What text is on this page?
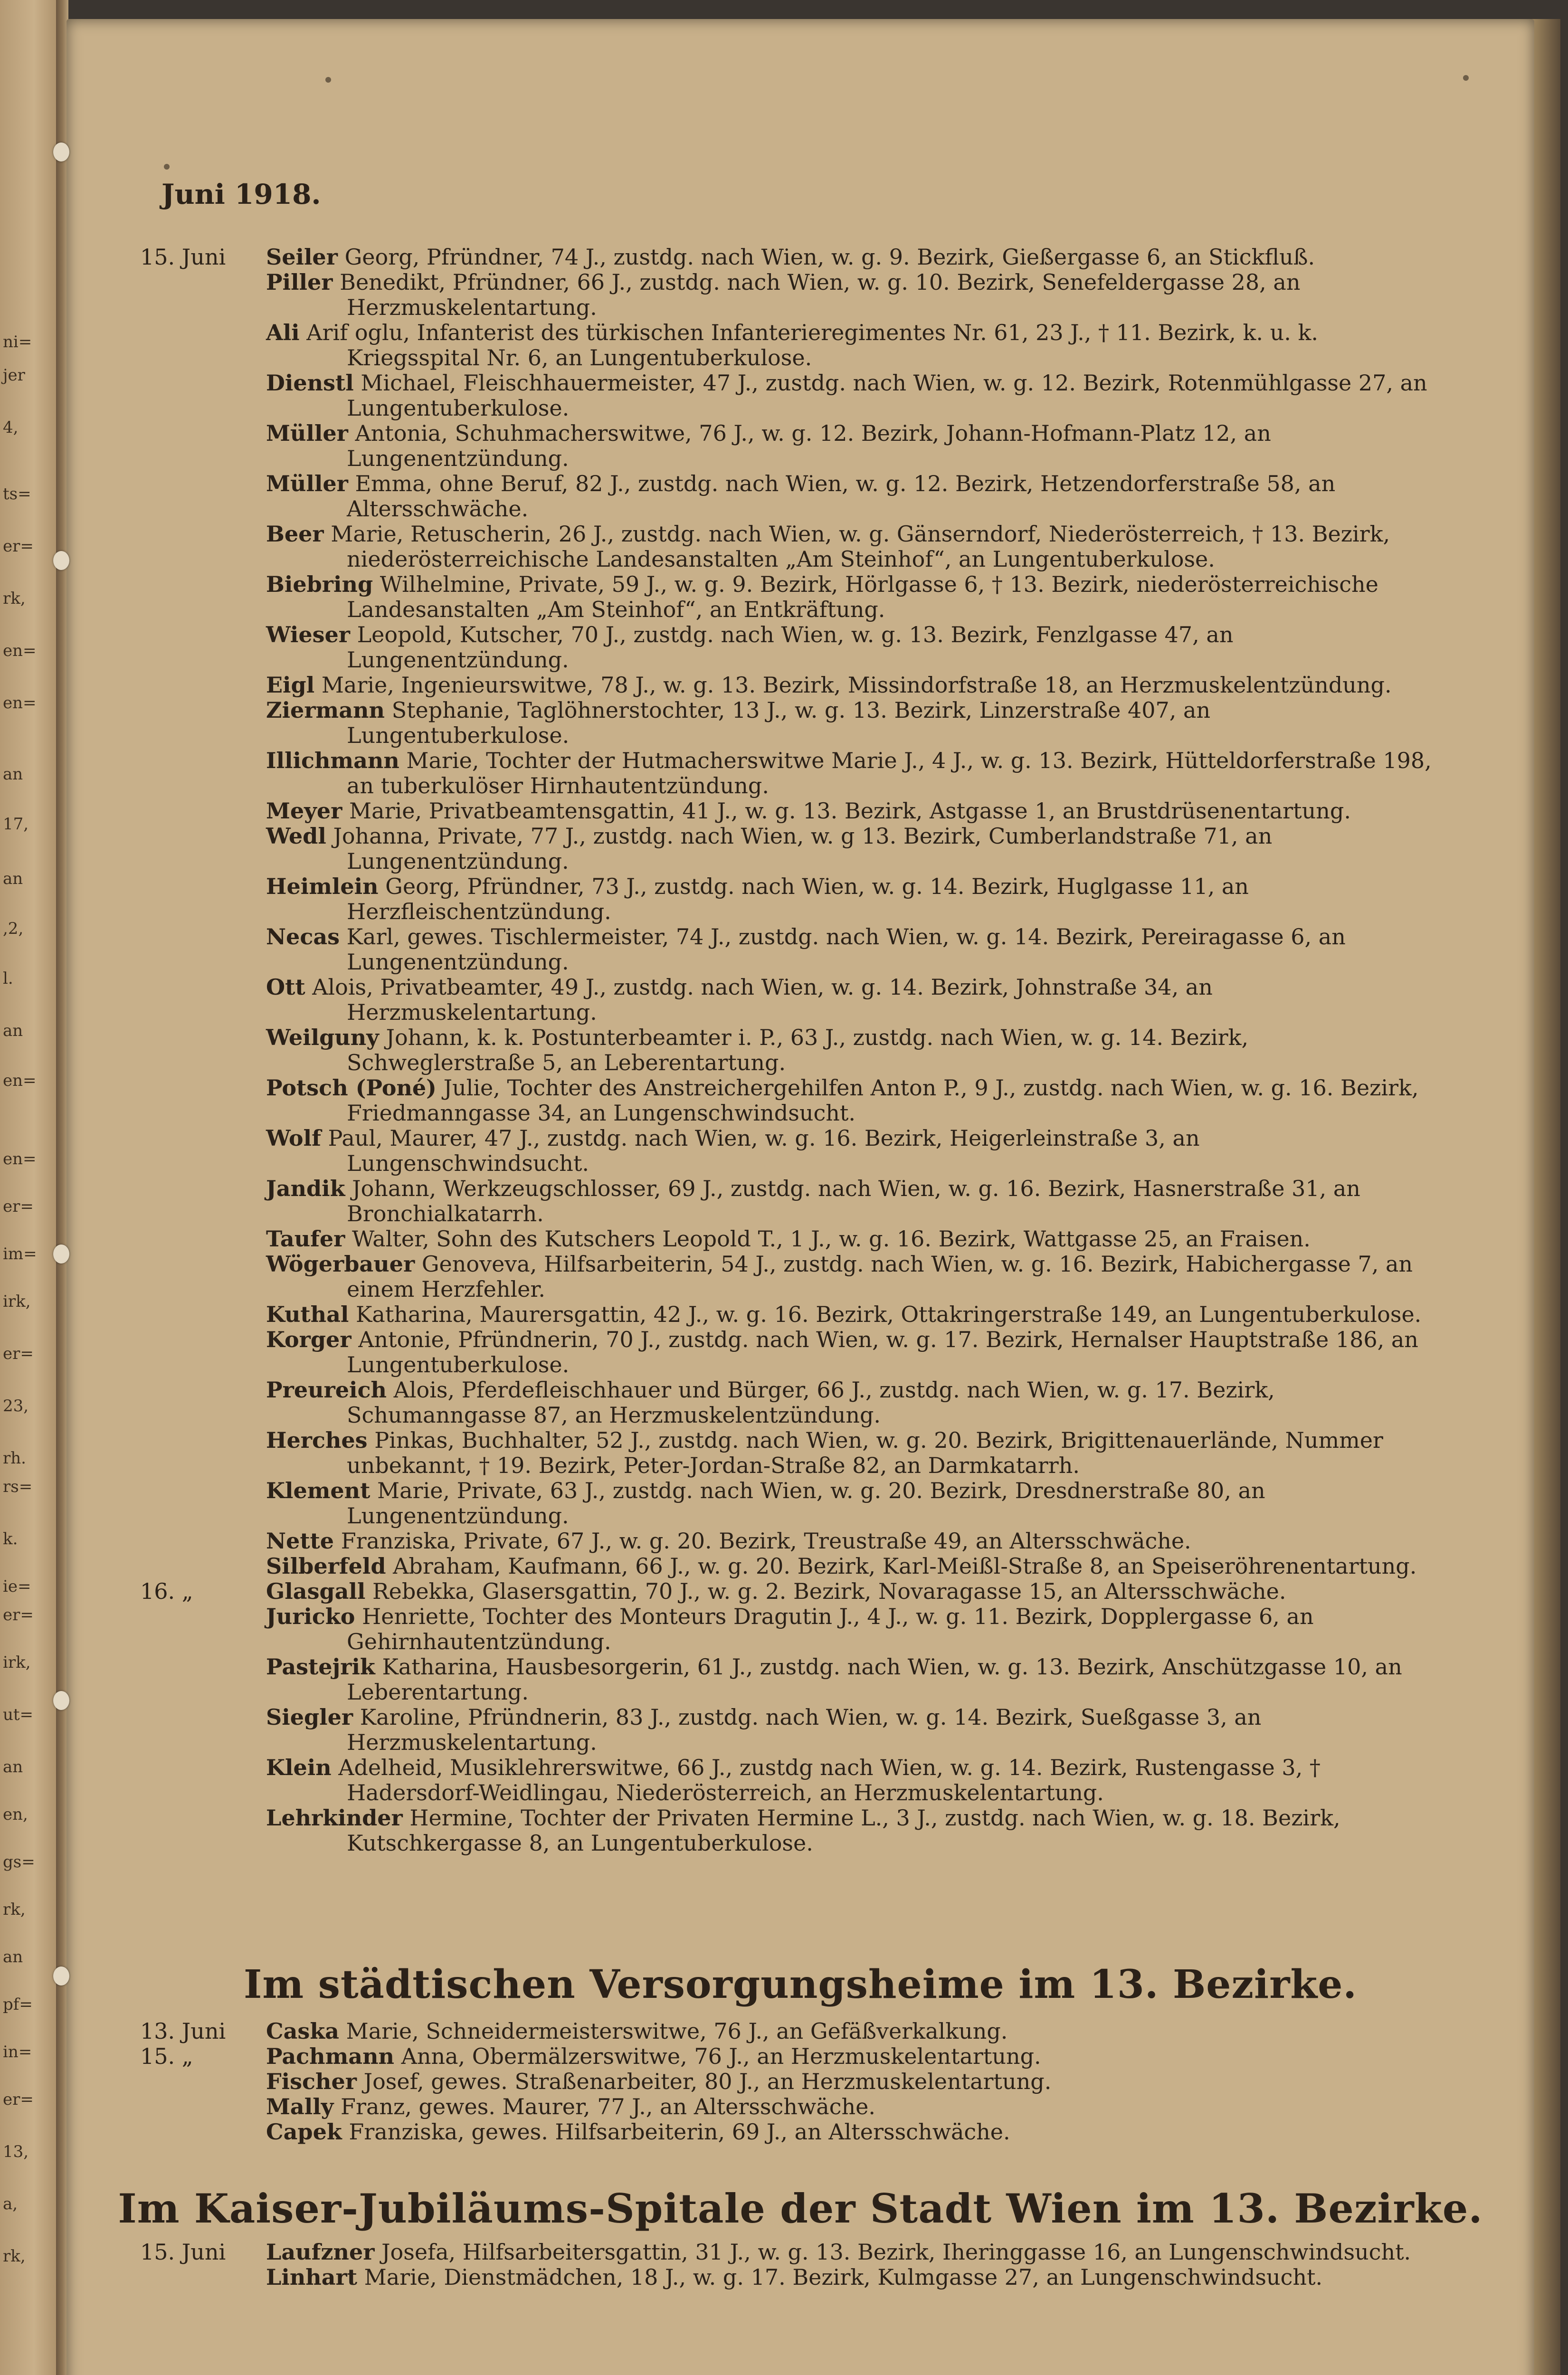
ni=
jer
4,
ts=
er=
rk,
en=
en=
an
17,
an
,2,
l.
an
en=
en=
er=
im=
irk,
er=
23,
rh.
rs=
k.
ie=
er=
irk,
ut=
an
en,
gs=
rk,
an
pf=
in=
er=
13,
a,
rk,
Juni 1918.
15. Juni	Seiler Georg, Pfründner, 74 J., zustdg. nach Wien, w. g. 9. Bezirk, Gießergasse 6, an Stickfluß.
Piller Benedikt, Pfründner, 66 J., zustdg. nach Wien, w. g. 10. Bezirk, Senefeldergasse 28, an Herzmuskelentartung.
Ali Arif oglu, Infanterist des türkischen Infanterieregimentes Nr. 61, 23 J., † 11. Bezirk, k. u. k. Kriegsspital Nr. 6, an Lungentuberkulose.
Dienstl Michael, Fleischhauermeister, 47 J., zustdg. nach Wien, w. g. 12. Bezirk, Rotenmühlgasse 27, an Lungentuberkulose.
Müller Antonia, Schuhmacherswitwe, 76 J., w. g. 12. Bezirk, Johann-Hofmann-Platz 12, an Lungenentzündung.
Müller Emma, ohne Beruf, 82 J., zustdg. nach Wien, w. g. 12. Bezirk, Hetzendorferstraße 58, an Altersschwäche.
Beer Marie, Retuscherin, 26 J., zustdg. nach Wien, w. g. Gänserndorf, Niederösterreich, † 13. Bezirk, niederösterreichische Landesanstalten „Am Steinhof“, an Lungentuberkulose.
Biebring Wilhelmine, Private, 59 J., w. g. 9. Bezirk, Hörlgasse 6, † 13. Bezirk, niederösterreichische Landesanstalten „Am Steinhof“, an Entkräftung.
Wieser Leopold, Kutscher, 70 J., zustdg. nach Wien, w. g. 13. Bezirk, Fenzlgasse 47, an Lungenentzündung.
Eigl Marie, Ingenieurswitwe, 78 J., w. g. 13. Bezirk, Missindorfstraße 18, an Herzmuskelentzündung.
Ziermann Stephanie, Taglöhnerstochter, 13 J., w. g. 13. Bezirk, Linzerstraße 407, an Lungentuberkulose.
Illichmann Marie, Tochter der Hutmacherswitwe Marie J., 4 J., w. g. 13. Bezirk, Hütteldorferstraße 198, an tuberkulöser Hirnhautentzündung.
Meyer Marie, Privatbeamtensgattin, 41 J., w. g. 13. Bezirk, Astgasse 1, an Brustdrüsenentartung.
Wedl Johanna, Private, 77 J., zustdg. nach Wien, w. g 13. Bezirk, Cumberlandstraße 71, an Lungenentzündung.
Heimlein Georg, Pfründner, 73 J., zustdg. nach Wien, w. g. 14. Bezirk, Huglgasse 11, an Herzfleischentzündung.
Necas Karl, gewes. Tischlermeister, 74 J., zustdg. nach Wien, w. g. 14. Bezirk, Pereiragasse 6, an Lungenentzündung.
Ott Alois, Privatbeamter, 49 J., zustdg. nach Wien, w. g. 14. Bezirk, Johnstraße 34, an Herzmuskelentartung.
Weilguny Johann, k. k. Postunterbeamter i. P., 63 J., zustdg. nach Wien, w. g. 14. Bezirk, Schweglerstraße 5, an Leberentartung.
Potsch (Poné) Julie, Tochter des Anstreichergehilfen Anton P., 9 J., zustdg. nach Wien, w. g. 16. Bezirk, Friedmanngasse 34, an Lungenschwindsucht.
Wolf Paul, Maurer, 47 J., zustdg. nach Wien, w. g. 16. Bezirk, Heigerleinstraße 3, an Lungenschwindsucht.
Jandik Johann, Werkzeugschlosser, 69 J., zustdg. nach Wien, w. g. 16. Bezirk, Hasnerstraße 31, an Bronchialkatarrh.
Taufer Walter, Sohn des Kutschers Leopold T., 1 J., w. g. 16. Bezirk, Wattgasse 25, an Fraisen.
Wögerbauer Genoveva, Hilfsarbeiterin, 54 J., zustdg. nach Wien, w. g. 16. Bezirk, Habichergasse 7, an einem Herzfehler.
Kuthal Katharina, Maurersgattin, 42 J., w. g. 16. Bezirk, Ottakringerstraße 149, an Lungentuberkulose.
Korger Antonie, Pfründnerin, 70 J., zustdg. nach Wien, w. g. 17. Bezirk, Hernalser Hauptstraße 186, an Lungentuberkulose.
Preureich Alois, Pferdefleischhauer und Bürger, 66 J., zustdg. nach Wien, w. g. 17. Bezirk, Schumanngasse 87, an Herzmuskelentzündung.
Herches Pinkas, Buchhalter, 52 J., zustdg. nach Wien, w. g. 20. Bezirk, Brigittenauerlände, Nummer unbekannt, † 19. Bezirk, Peter-Jordan-Straße 82, an Darmkatarrh.
Klement Marie, Private, 63 J., zustdg. nach Wien, w. g. 20. Bezirk, Dresdnerstraße 80, an Lungenentzündung.
Nette Franziska, Private, 67 J., w. g. 20. Bezirk, Treustraße 49, an Altersschwäche.
Silberfeld Abraham, Kaufmann, 66 J., w. g. 20. Bezirk, Karl-Meißl-Straße 8, an Speiseröhrenentartung.
16. „	Glasgall Rebekka, Glasersgattin, 70 J., w. g. 2. Bezirk, Novaragasse 15, an Altersschwäche.
Juricko Henriette, Tochter des Monteurs Dragutin J., 4 J., w. g. 11. Bezirk, Dopplergasse 6, an Gehirnhautentzündung.
Pastejrik Katharina, Hausbesorgerin, 61 J., zustdg. nach Wien, w. g. 13. Bezirk, Anschützgasse 10, an Leberentartung.
Siegler Karoline, Pfründnerin, 83 J., zustdg. nach Wien, w. g. 14. Bezirk, Sueßgasse 3, an Herzmuskelentartung.
Klein Adelheid, Musiklehrerswitwe, 66 J., zustdg nach Wien, w. g. 14. Bezirk, Rustengasse 3, † Hadersdorf-Weidlingau, Niederösterreich, an Herzmuskelentartung.
Lehrkinder Hermine, Tochter der Privaten Hermine L., 3 J., zustdg. nach Wien, w. g. 18. Bezirk, Kutschkergasse 8, an Lungentuberkulose.
Im städtischen Versorgungsheime im 13. Bezirke.
13. Juni	Caska Marie, Schneidermeisterswitwe, 76 J., an Gefäßverkalkung.
15. „	Pachmann Anna, Obermälzerswitwe, 76 J., an Herzmuskelentartung.
Fischer Josef, gewes. Straßenarbeiter, 80 J., an Herzmuskelentartung.
Mally Franz, gewes. Maurer, 77 J., an Altersschwäche.
Capek Franziska, gewes. Hilfsarbeiterin, 69 J., an Altersschwäche.
Im Kaiser-Jubiläums-Spitale der Stadt Wien im 13. Bezirke.
15. Juni	Laufzner Josefa, Hilfsarbeitersgattin, 31 J., w. g. 13. Bezirk, Iheringgasse 16, an Lungenschwindsucht.
Linhart Marie, Dienstmädchen, 18 J., w. g. 17. Bezirk, Kulmgasse 27, an Lungenschwindsucht.
